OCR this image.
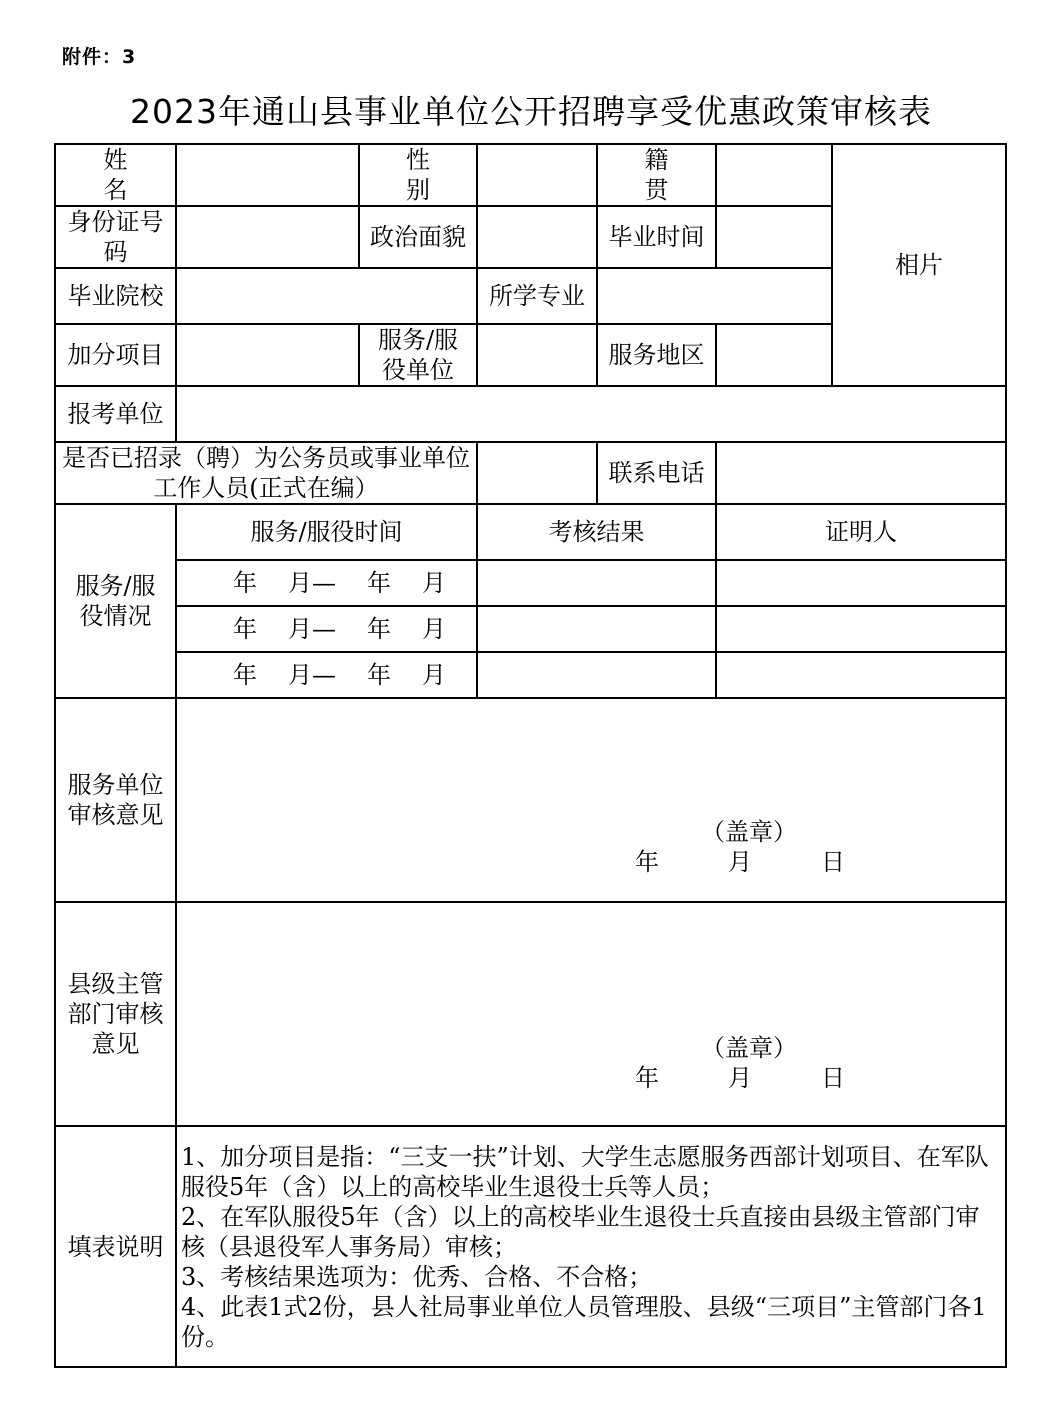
附件：3
2023年通山县事业单位公开招聘享受优惠政策审核表
姓名		性别		籍贯		相片
身份证号码		政治面貌		毕业时间		
毕业院校			所学专业			
加分项目		服务/服役单位		服务地区		
报考单位						
是否已招录（聘）为公务员或事业单位工作人员(正式在编）				联系电话		
服务/服役情况	服务/服役时间		考核结果		证明人	

	年 月— 年 月					

	年 月— 年 月					

	年 月— 年 月					

服务单位审核意见	（盖章）
年 月 日					

县级主管部门审核意见	（盖章）
年 月 日					

填表说明	1、加分项目是指：“三支一扶”计划、大学生志愿服务西部计划项目、在军队服役5年（含）以上的高校毕业生退役士兵等人员；
2、在军队服役5年（含）以上的高校毕业生退役士兵直接由县级主管部门审核（县退役军人事务局）审核；
3、考核结果选项为：优秀、合格、不合格；
4、此表1式2份，县人社局事业单位人员管理股、县级“三项目”主管部门各1份。					
